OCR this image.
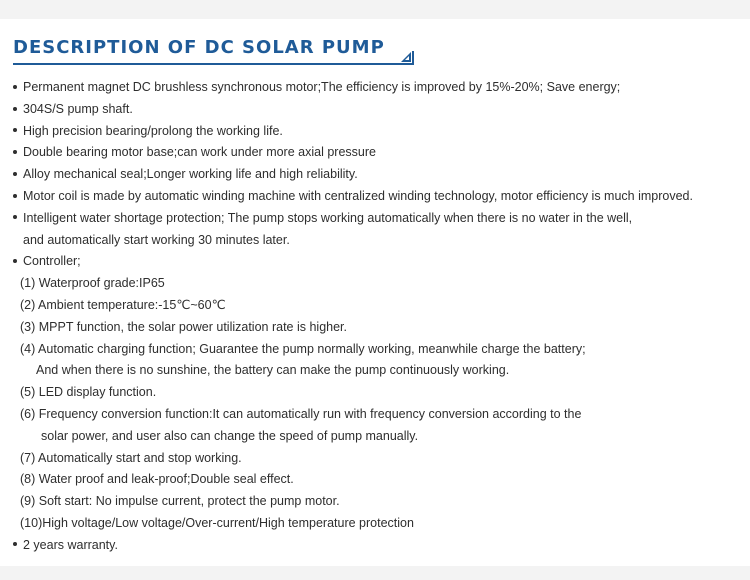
DESCRIPTION OF DC SOLAR PUMP
Permanent magnet DC brushless synchronous motor;The efficiency is improved by 15%-20%; Save energy;
304S/S pump shaft.
High precision bearing/prolong the working life.
Double bearing motor base;can work under more axial pressure
Alloy mechanical seal;Longer working life and high reliability.
Motor coil is made by automatic winding machine with centralized winding technology, motor efficiency is much improved.
Intelligent water shortage protection; The pump stops working automatically when there is no water in the well,
and automatically start working 30 minutes later.
Controller;
(1) Waterproof grade:IP65
(2) Ambient temperature:-15℃~60℃
(3) MPPT function, the solar power utilization rate is higher.
(4) Automatic charging function; Guarantee the pump normally working, meanwhile charge the battery;
And when there is no sunshine, the battery can make the pump continuously working.
(5) LED display function.
(6) Frequency conversion function:It can automatically run with frequency conversion according to the
solar power, and user also can change the speed of pump manually.
(7) Automatically start and stop working.
(8) Water proof and leak-proof;Double seal effect.
(9) Soft start: No impulse current, protect the pump motor.
(10)High voltage/Low voltage/Over-current/High temperature protection
2 years warranty.
